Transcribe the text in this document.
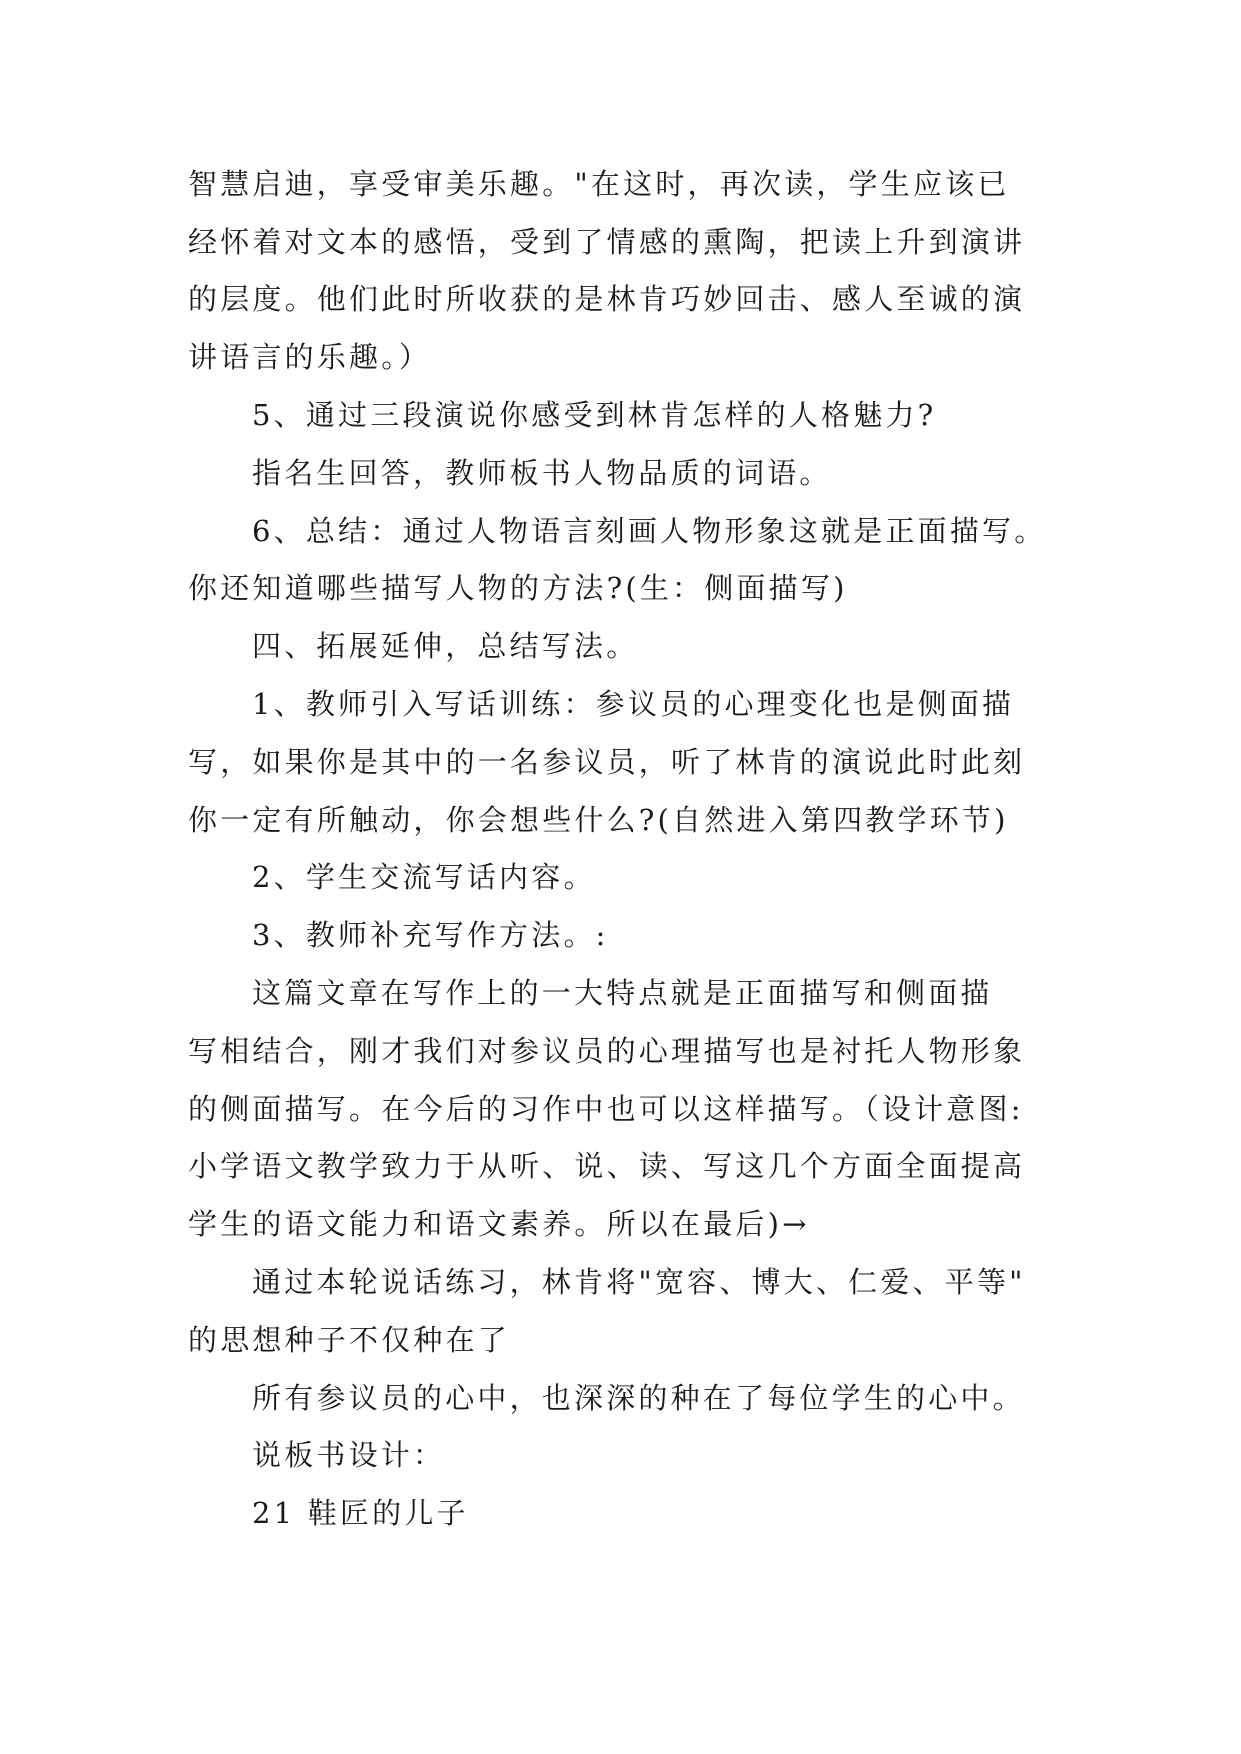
智慧启迪，享受审美乐趣。"在这时，再次读，学生应该已
经怀着对文本的感悟，受到了情感的熏陶，把读上升到演讲
的层度。他们此时所收获的是林肯巧妙回击、感人至诚的演
讲语言的乐趣。）
5、通过三段演说你感受到林肯怎样的人格魅力?
指名生回答，教师板书人物品质的词语。
6、总结：通过人物语言刻画人物形象这就是正面描写。
你还知道哪些描写人物的方法?(生：侧面描写)
四、拓展延伸，总结写法。
1、教师引入写话训练：参议员的心理变化也是侧面描
写，如果你是其中的一名参议员，听了林肯的演说此时此刻
你一定有所触动，你会想些什么?(自然进入第四教学环节)
2、学生交流写话内容。
3、教师补充写作方法。:
这篇文章在写作上的一大特点就是正面描写和侧面描
写相结合，刚才我们对参议员的心理描写也是衬托人物形象
的侧面描写。在今后的习作中也可以这样描写。（设计意图:
小学语文教学致力于从听、说、读、写这几个方面全面提高
学生的语文能力和语文素养。所以在最后)→
通过本轮说话练习，林肯将"宽容、博大、仁爱、平等"
的思想种子不仅种在了
所有参议员的心中，也深深的种在了每位学生的心中。
说板书设计：
21 鞋匠的儿子
